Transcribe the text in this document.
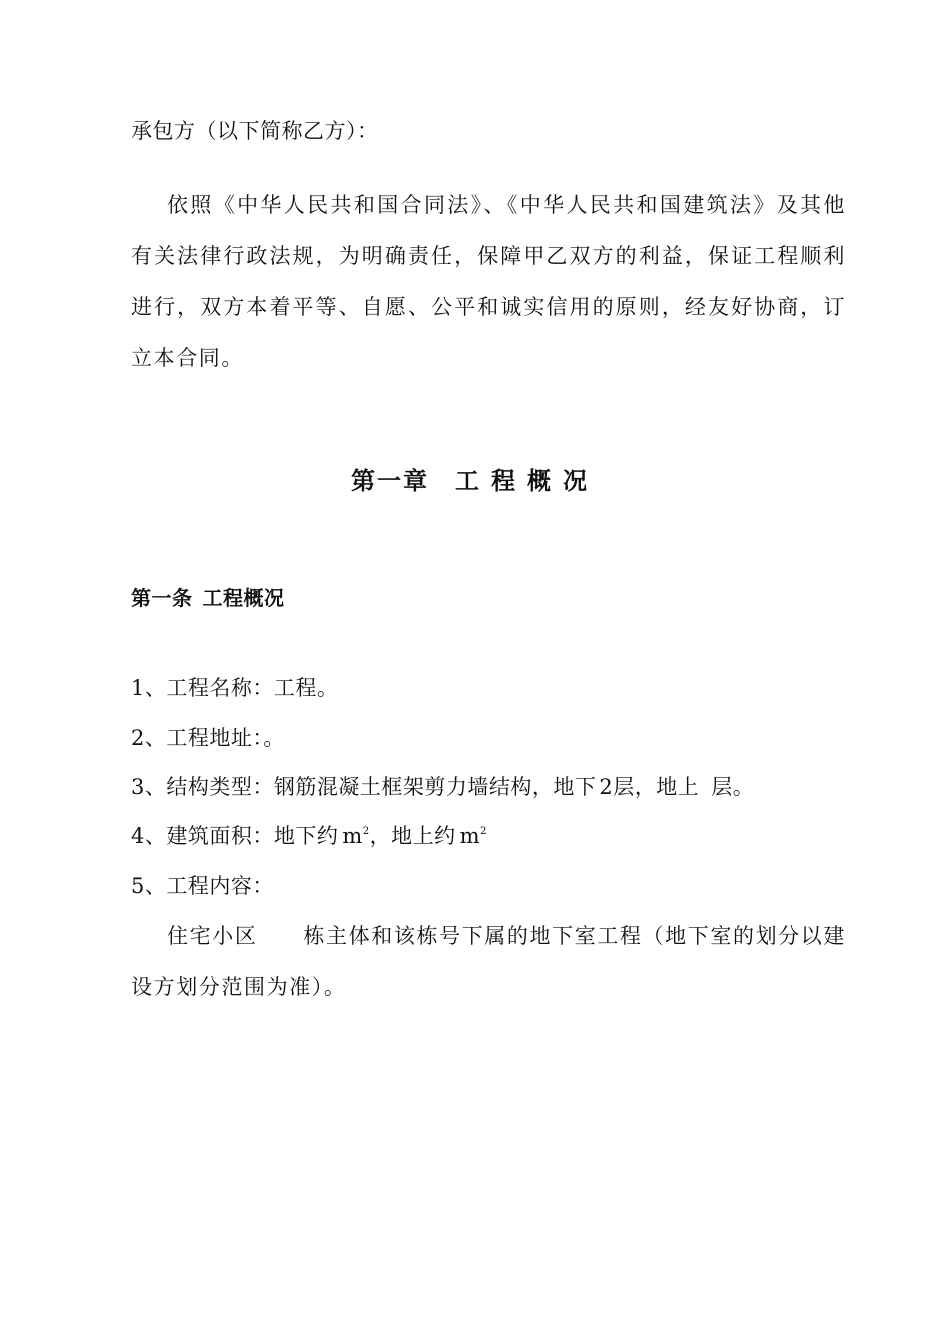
承包方（以下简称乙方）：
依照《中华人民共和国合同法》、《中华人民共和国建筑法》及其他有关法律行政法规，为明确责任，保障甲乙双方的利益，保证工程顺利进行，双方本着平等、自愿、公平和诚实信用的原则，经友好协商，订立本合同。
第一章 工程概况
第一条 工程概况
1、工程名称：工程。
2、工程地址：。
3、结构类型：钢筋混凝土框架剪力墙结构，地下 2层，地上 层。
4、建筑面积：地下约 $m^2$，地上约 $m^2$
5、工程内容：
住宅小区 栋主体和该栋号下属的地下室工程（地下室的划分以建设方划分范围为准）。
